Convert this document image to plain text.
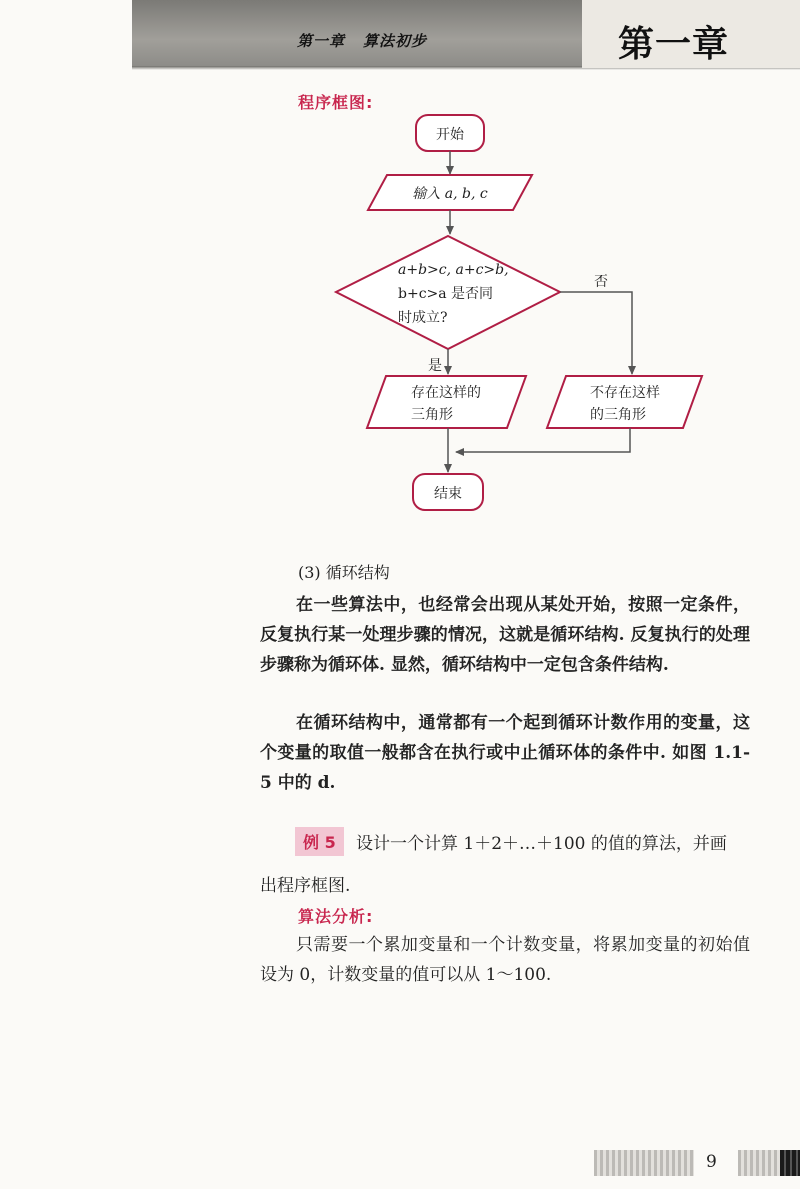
第一章 算法初步	第一章
程序框图:
开始
输入 a, b, c
a+b>c, a+c>b,
b+c>a 是否同
时成立?
否
是
存在这样的
三角形
不存在这样
的三角形
结束
(3) 循环结构
在一些算法中，也经常会出现从某处开始，按照一定条件，反复执行某一处理步骤的情况，这就是循环结构. 反复执行的处理步骤称为循环体. 显然，循环结构中一定包含条件结构.
在循环结构中，通常都有一个起到循环计数作用的变量，这个变量的取值一般都含在执行或中止循环体的条件中. 如图 1.1-5 中的 d.
例 5	设计一个计算 1＋2＋…＋100 的值的算法，并画
出程序框图.
算法分析:
只需要一个累加变量和一个计数变量，将累加变量的初始值设为 0，计数变量的值可以从 1～100.
9
